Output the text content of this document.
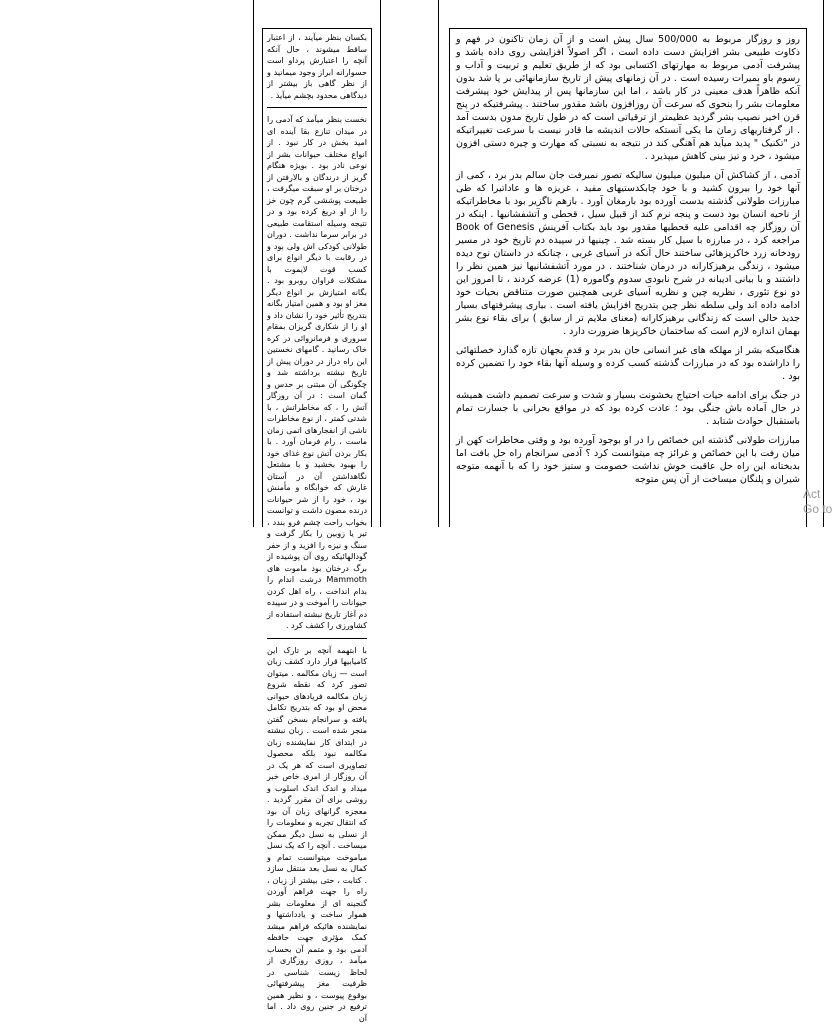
بکسان بنظر میآیند ، از اعتبار ساقط میشوند ، حال آنکه آنچه را اعتبارش پرداو است حسوارانه ابراز وجود میمانید و از نظر گاهی باز بیشتر از دیدگاهی محدود بچشم میآید .

نخست بنظر میآمد که آدمی را در میدان تنازع بقا آینده ای امید بخش در کار نبود . از انواع مختلف حیوانات بشر از نوعی نادر بود . بویژه هنگام گریز از درندگان و بالارفتن از درختان بر او سبقت میگرفت ، طبیعت پوششی گرم چون خز را از او دریغ کرده بود و در نتیجه وسیله استقامت طبیعی در برابر سرما نداشت . دوران طولانی کودکی اش ولی بود و در رقابت با دیگر انواع برای کسب قوت لایموت با مشکلات فراوان روبرو بود . بگانه امتیازش بر انواع دیگر مغز او بود و همین امتیاز بگانه بتدریج تأثیر خود را نشان داد و او را از شکاری گریزان بمقام سروری و فرمانروائی در کره خاک رسانید . گامهای نخستین این راه دراز در دوران پیش از تاریخ نبشته برداشته شد و چگونگی آن مبتنی بر حدس و گمان است : در آن روزگار آتش را ، که مخاطراتش ، با شدتی کمتر ، از نوع مخاطرات ناشی از انفجارهای اتمی زمان ماست ، رام فرمان آورد . با بکار بردن آتش نوع غذای خود را بهبود بخشید و با مشتعل نگاهداشتن آن در آستان غارش که خوابگاه و مأمنش بود ، خود را از شر حیوانات درنده مصون داشت و توانست بخواب راحت چشم فرو بندد ، تیر یا زوبین را بکار گرفت و سنگ و نیزه را افزید و از حفر گودالهائیکه روی آن پوشیده از برگ درختان بود ماموت های Mammoth درشت اندام را بدام انداخت ، راه اهل کردن حیوانات را آموخت و در سپیده دم آغاز تاریخ نبشته استفاده از کشاورزی را کشف کرد .

با ابتهمه آنچه بر تارک این کامیابیها قرار دارد کشف زبان است — زبان مکالمه . میتوان تصور کرد که نقطه شروع زبان مکالمه فریادهای حیوانی محض او بود که بتدریج تکامل یافته و سرانجام بسخن گفتن منجر شده است . زبان نبشته در ابتدای کار نمایشنده زبان مکالمه نبود بلکه محصول تصاویری است که هر یک در آن روزگار از امری خاص خبر میداد و اندک اندک اسلوب و روشی برای آن مقرر گردید . معجزه گرانهای زبان آن بود که انتقال تجربه و معلومات را از نسلی به نسل دیگر ممکن میساخت . آنچه را که یک نسل میاموخت میتوانست تمام و کمال به نسل بعد منتقل سازد . کتابت ، حتی بیشتر از زبان ، راه را جهت فراهم آوردن گنجینه ای از معلومات بشر هموار ساخت و یادداشتها و نمایشنده هائیکه فراهم میشد کمک مؤثری جهت حافظه آدمی بود و متمم آن بحساب میآمد ، روزی روزگاری از لحاظ زیست شناسی در ظرفیت مغز پیشرفتهائی بوقوع پیوست ، و نظیر همین ترفیع در جنین روی داد . اما آن

روز و روزگار مربوط به 500/000 سال پیش است و از آن زمان تاکنون در فهم و ذکاوت طبیعی بشر افزایش دست داده است ، اگر اصولاً افزایشی روی داده باشد و پیشرفت آدمی مربوط به مهارتهای اکتسابی بود که از طریق تعلیم و تربیت و آداب و رسوم باو بمیرات رسیده است . در آن زمانهای پیش از تاریخ سازمانهائی بر پا شد بدون آنکه ظاهراً هدف معینی در کار باشد ، اما این سازمانها پس از پیدایش خود پیشرفت معلومات بشر را بنحوی که سرعت آن روزافزون باشد مقدور ساختند . پیشرفتیکه در پنج قرن اخیر نصیب بشر گردید عظیمتر از ترقیاتی است که در طول تاریخ مدون بدست آمد . از گرفتاریهای زمان ما یکی آنستکه حالات اندیشه ما قادر نیست با سرعت تغییراتیکه در "تکنیک " پدید میآید هم آهنگی کند در نتیجه به نسبتی که مهارت و چیره دستی افزون میشود ، خرد و تیز بینی کاهش میپذیرد .

آدمی ، از کشاکش آن میلیون میلیون سالیکه تصور نمیرفت جان سالم بدر برد ، کمی از آنها خود را بیرون کشید و با خود چابکدستیهای مفید ، غریزه ها و عاداتیرا که طی مبارزات طولانی گذشته بدست آورده بود بارمغان آورد . بازهم ناگزیر بود با مخاطراتیکه از ناحیه انسان بود دست و پنجه نرم کند از قبیل سیل ، قحطی و آتشفشانیها . اینکه در آن روزگار چه اقدامی علیه قحطیها مقدور بود باید بکتاب آفرینش Book of Genesis مراجعه کرد ، در مبارزه با سیل کار بسته شد . چینیها در سپیده دم تاریخ خود در مسیر رودخانه زرد خاکریزهائی ساختند حال آنکه در آسیای غربی ، چنانکه در داستان نوح دیده میشود ، زندگی برهیزکارانه در درمان شناختند . در مورد آتشفشانیها نیز همین نظر را داشتند و با بیانی ادیبانه در شرح نابودی سدوم وگاموره (1) عرضه کردند ، تا امروز این دو نوع تئوری ، نظریه چین و نظریه آسیای غربی همچنین صورت متناقض بحیات خود ادامه داده اند ولی سلطه نظر چین بتدریج افزایش یافته است . بیاری پیشرفتهای بسیار جدید حالی است که زندگانی برهیزکارانه (معنای ملایم تر از سابق ) برای بقاء نوع بشر بهمان اندازه لازم است که ساختمان خاکریزها ضرورت دارد .

هنگامیکه بشر از مهلکه های غیر انسانی جان بدر برد و قدم بجهان تازه گذارد خصلتهائی را داراشده بود که در مبارزات گذشته کسب کرده و وسیله آنها بقاء خود را تضمین کرده بود .

در جنگ برای ادامه حیات احتیاج بخشونت بسیار و شدت و سرعت تصمیم داشت همیشه در حال آماده باش جنگی بود ؛ عادت کرده بود که در مواقع بحرانی با جسارت تمام باستقبال حوادث شتابد .

مبارزات طولانی گذشته این خصائص را در او بوجود آورده بود و وقتی مخاطرات کهن از میان رفت با این خصائص و غرائز چه میتوانست کرد ؟ آدمی سرانجام راه حل بافت اما بدبختانه این راه حل عاقبت خوش نداشت خصومت و ستیز خود را که با آنهمه متوجه شیران و پلنگان میساخت از آن پس متوجه

Act
Go to
